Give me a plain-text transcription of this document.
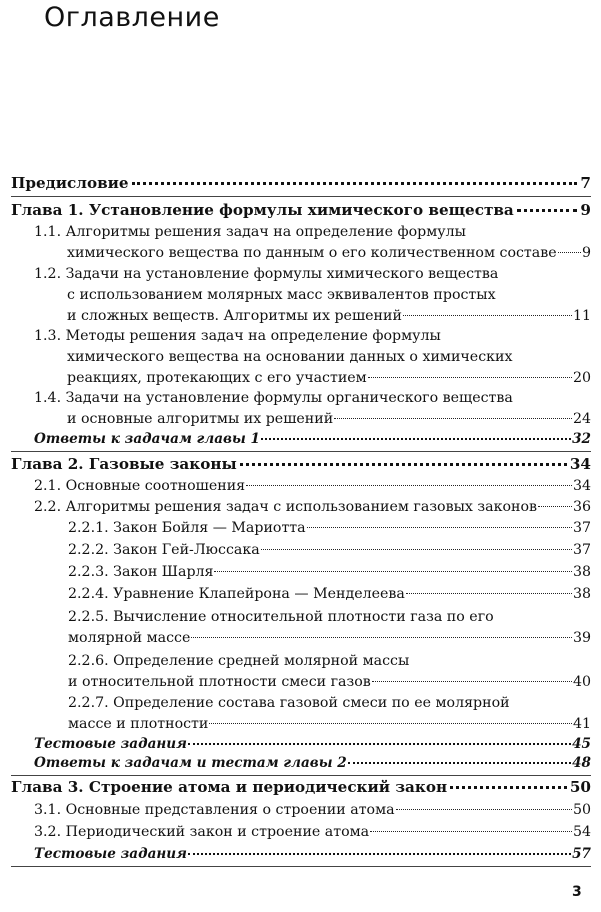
Оглавление
Предисловие	7
Глава 1. Установление формулы химического вещества	9
1.1. Алгоритмы решения задач на определение формулы
химического вещества по данным о его количественном составе 9
1.2. Задачи на установление формулы химического вещества
с использованием молярных масс эквивалентов простых
и сложных веществ. Алгоритмы их решений	11
1.3. Методы решения задач на определение формулы
химического вещества на основании данных о химических
реакциях, протекающих с его участием	20
1.4. Задачи на установление формулы органического вещества
и основные алгоритмы их решений	24
Ответы к задачам главы 1	32
Глава 2. Газовые законы	34
2.1. Основные соотношения	34
2.2. Алгоритмы решения задач с использованием газовых законов	36
2.2.1. Закон Бойля — Мариотта	37
2.2.2. Закон Гей-Люссака	37
2.2.3. Закон Шарля	38
2.2.4. Уравнение Клапейрона — Менделеева	38
2.2.5. Вычисление относительной плотности газа по его
молярной массе	39
2.2.6. Определение средней молярной массы
и относительной плотности смеси газов	40
2.2.7. Определение состава газовой смеси по ее молярной
массе и плотности	41
Тестовые задания	45
Ответы к задачам и тестам главы 2	48
Глава 3. Строение атома и периодический закон	50
3.1. Основные представления о строении атома	50
3.2. Периодический закон и строение атома	54
Тестовые задания	57
3
